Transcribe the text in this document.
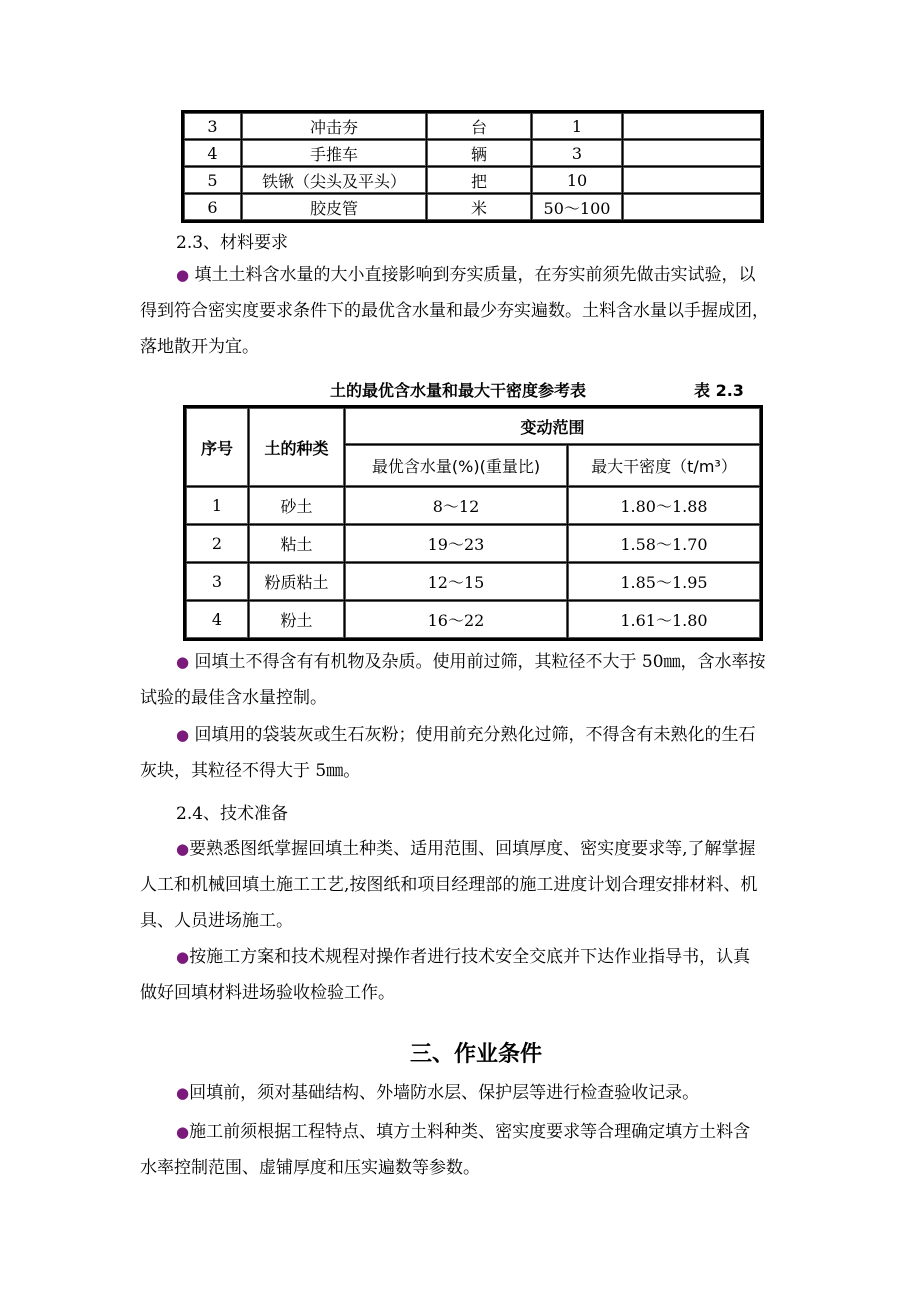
3	冲击夯	台	1	
4	手推车	辆	3	
5	铁锹（尖头及平头）	把	10	
6	胶皮管	米	50～100	
2.3、材料要求
● 填土土料含水量的大小直接影响到夯实质量，在夯实前须先做击实试验，以
得到符合密实度要求条件下的最优含水量和最少夯实遍数。土料含水量以手握成团，
落地散开为宜。
土的最优含水量和最大干密度参考表	表 2.3
序号	土的种类	变动范围	
		最优含水量(%)(重量比)	最大干密度（t/m³）
1	砂土	8～12	1.80～1.88
2	粘土	19～23	1.58～1.70
3	粉质粘土	12～15	1.85～1.95
4	粉土	16～22	1.61～1.80
● 回填土不得含有有机物及杂质。使用前过筛，其粒径不大于 50㎜，含水率按
试验的最佳含水量控制。
● 回填用的袋装灰或生石灰粉；使用前充分熟化过筛，不得含有未熟化的生石
灰块，其粒径不得大于 5㎜。
2.4、技术准备
●要熟悉图纸掌握回填土种类、适用范围、回填厚度、密实度要求等,了解掌握
人工和机械回填土施工工艺,按图纸和项目经理部的施工进度计划合理安排材料、机
具、人员进场施工。
●按施工方案和技术规程对操作者进行技术安全交底并下达作业指导书，认真
做好回填材料进场验收检验工作。
三、作业条件
●回填前，须对基础结构、外墙防水层、保护层等进行检查验收记录。
●施工前须根据工程特点、填方土料种类、密实度要求等合理确定填方土料含
水率控制范围、虚铺厚度和压实遍数等参数。
